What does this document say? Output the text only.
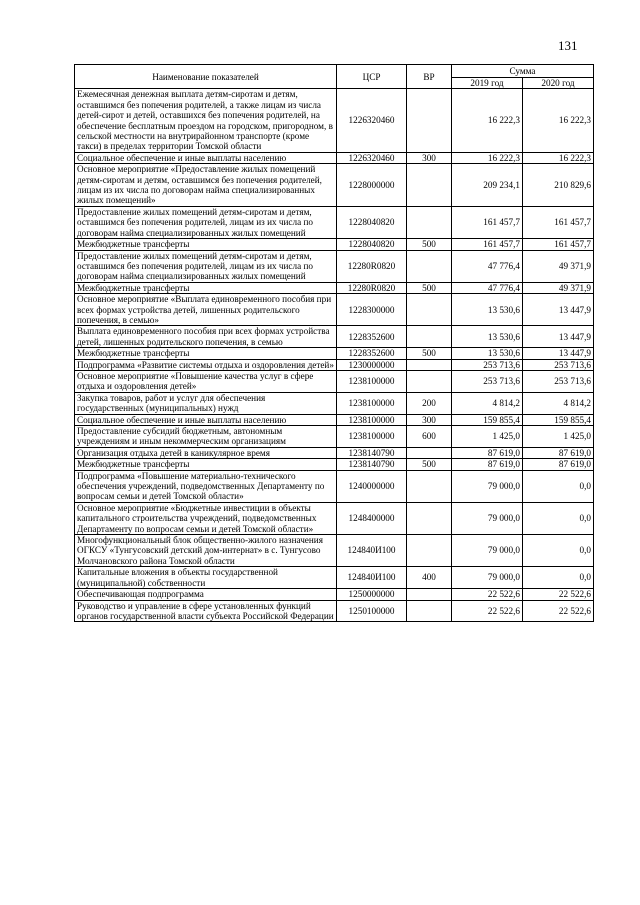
131
Наименование показателей	ЦСР	ВР	Сумма	
			2019 год	2020 год
Ежемесячная денежная выплата детям-сиротам и детям, оставшимся без попечения родителей, а также лицам из числа детей-сирот и детей, оставшихся без попечения родителей, на обеспечение бесплатным проездом на городском, пригородном, в сельской местности на внутрирайонном транспорте (кроме такси) в пределах территории Томской области	1226320460		16 222,3	16 222,3
Социальное обеспечение и иные выплаты населению	1226320460	300	16 222,3	16 222,3
Основное мероприятие «Предоставление жилых помещений детям-сиротам и детям, оставшимся без попечения родителей, лицам из их числа по договорам найма специализированных жилых помещений»	1228000000		209 234,1	210 829,6
Предоставление жилых помещений детям-сиротам и детям, оставшимся без попечения родителей, лицам из их числа по договорам найма специализированных жилых помещений	1228040820		161 457,7	161 457,7
Межбюджетные трансферты	1228040820	500	161 457,7	161 457,7
Предоставление жилых помещений детям-сиротам и детям, оставшимся без попечения родителей, лицам из их числа по договорам найма специализированных жилых помещений	12280R0820		47 776,4	49 371,9
Межбюджетные трансферты	12280R0820	500	47 776,4	49 371,9
Основное мероприятие «Выплата единовременного пособия при всех формах устройства детей, лишенных родительского попечения, в семью»	1228300000		13 530,6	13 447,9
Выплата единовременного пособия при всех формах устройства детей, лишенных родительского попечения, в семью	1228352600		13 530,6	13 447,9
Межбюджетные трансферты	1228352600	500	13 530,6	13 447,9
Подпрограмма «Развитие системы отдыха и оздоровления детей»	1230000000		253 713,6	253 713,6
Основное мероприятие «Повышение качества услуг в сфере отдыха и оздоровления детей»	1238100000		253 713,6	253 713,6
Закупка товаров, работ и услуг для обеспечения государственных (муниципальных) нужд	1238100000	200	4 814,2	4 814,2
Социальное обеспечение и иные выплаты населению	1238100000	300	159 855,4	159 855,4
Предоставление субсидий бюджетным, автономным учреждениям и иным некоммерческим организациям	1238100000	600	1 425,0	1 425,0
Организация отдыха детей в каникулярное время	1238140790		87 619,0	87 619,0
Межбюджетные трансферты	1238140790	500	87 619,0	87 619,0
Подпрограмма «Повышение материально-технического обеспечения учреждений, подведомственных Департаменту по вопросам семьи и детей Томской области»	1240000000		79 000,0	0,0
Основное мероприятие «Бюджетные инвестиции в объекты капитального строительства учреждений, подведомственных Департаменту по вопросам семьи и детей Томской области»	1248400000		79 000,0	0,0
Многофункциональный блок общественно-жилого назначения ОГКСУ «Тунгусовский детский дом-интернат» в с. Тунгусово Молчановского района Томской области	124840И100		79 000,0	0,0
Капитальные вложения в объекты государственной (муниципальной) собственности	124840И100	400	79 000,0	0,0
Обеспечивающая подпрограмма	1250000000		22 522,6	22 522,6
Руководство и управление в сфере установленных функций органов государственной власти субъекта Российской Федерации	1250100000		22 522,6	22 522,6
